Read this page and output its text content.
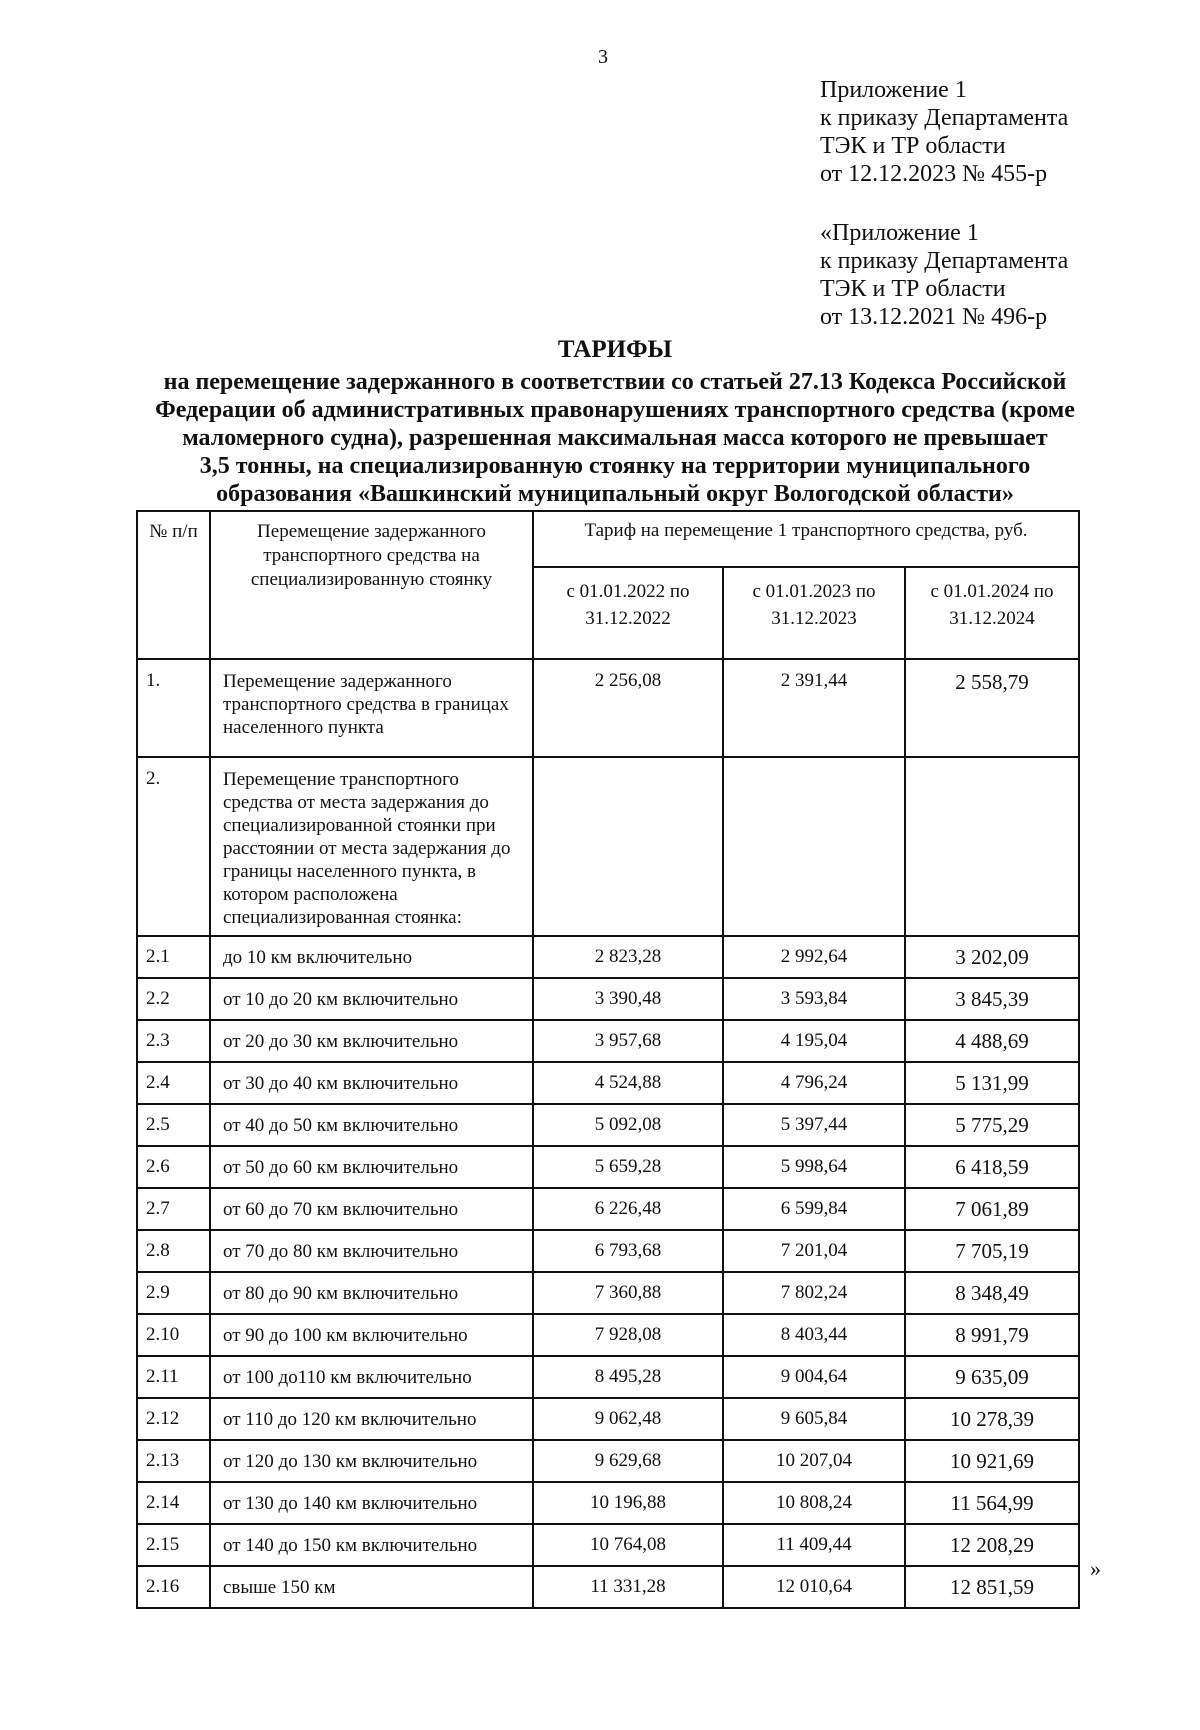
3
Приложение 1
к приказу Департамента
ТЭК и ТР области
от 12.12.2023 № 455-р
«Приложение 1
к приказу Департамента
ТЭК и ТР области
от 13.12.2021 № 496-р
ТАРИФЫ
на перемещение задержанного в соответствии со статьей 27.13 Кодекса Российской
Федерации об административных правонарушениях транспортного средства (кроме
маломерного судна), разрешенная максимальная масса которого не превышает
3,5 тонны, на специализированную стоянку на территории муниципального
образования «Вашкинский муниципальный округ Вологодской области»
№ п/п	Перемещение задержанного транспортного средства на специализированную стоянку	Тариф на перемещение 1 транспортного средства, руб.		

		с 01.01.2022 по 31.12.2022	с 01.01.2023 по 31.12.2023	с 01.01.2024 по 31.12.2024
1.	Перемещение задержанного транспортного средства в границах населенного пункта	2 256,08	2 391,44	2 558,79
2.	Перемещение транспортного средства от места задержания до специализированной стоянки при расстоянии от места задержания до границы населенного пункта, в котором расположена специализированная стоянка:			
2.1	до 10 км включительно	2 823,28	2 992,64	3 202,09
2.2	от 10 до 20 км включительно	3 390,48	3 593,84	3 845,39
2.3	от 20 до 30 км включительно	3 957,68	4 195,04	4 488,69
2.4	от 30 до 40 км включительно	4 524,88	4 796,24	5 131,99
2.5	от 40 до 50 км включительно	5 092,08	5 397,44	5 775,29
2.6	от 50 до 60 км включительно	5 659,28	5 998,64	6 418,59
2.7	от 60 до 70 км включительно	6 226,48	6 599,84	7 061,89
2.8	от 70 до 80 км включительно	6 793,68	7 201,04	7 705,19
2.9	от 80 до 90 км включительно	7 360,88	7 802,24	8 348,49
2.10	от 90 до 100 км включительно	7 928,08	8 403,44	8 991,79
2.11	от 100 до110 км включительно	8 495,28	9 004,64	9 635,09
2.12	от 110 до 120 км включительно	9 062,48	9 605,84	10 278,39
2.13	от 120 до 130 км включительно	9 629,68	10 207,04	10 921,69
2.14	от 130 до 140 км включительно	10 196,88	10 808,24	11 564,99
2.15	от 140 до 150 км включительно	10 764,08	11 409,44	12 208,29
2.16	свыше 150 км	11 331,28	12 010,64	12 851,59
»
